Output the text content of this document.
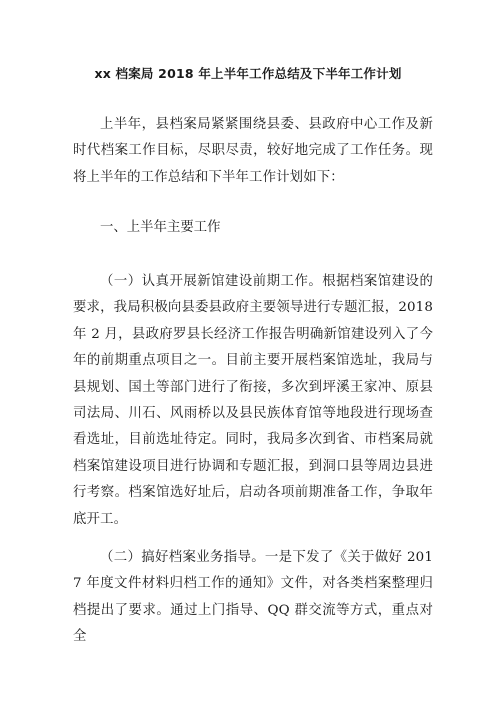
xx 档案局 2018 年上半年工作总结及下半年工作计划
上半年，县档案局紧紧围绕县委、县政府中心工作及新时代档案工作目标，尽职尽责，较好地完成了工作任务。现将上半年的工作总结和下半年工作计划如下：
一、上半年主要工作
（一）认真开展新馆建设前期工作。根据档案馆建设的要求，我局积极向县委县政府主要领导进行专题汇报，2018 年 2 月，县政府罗县长经济工作报告明确新馆建设列入了今年的前期重点项目之一。目前主要开展档案馆选址，我局与县规划、国土等部门进行了衔接，多次到坪溪王家冲、原县司法局、川石、风雨桥以及县民族体育馆等地段进行现场查看选址，目前选址待定。同时，我局多次到省、市档案局就档案馆建设项目进行协调和专题汇报，到洞口县等周边县进行考察。档案馆选好址后，启动各项前期准备工作，争取年底开工。
（二）搞好档案业务指导。一是下发了《关于做好 2017 年度文件材料归档工作的通知》文件，对各类档案整理归档提出了要求。通过上门指导、QQ 群交流等方式，重点对全
